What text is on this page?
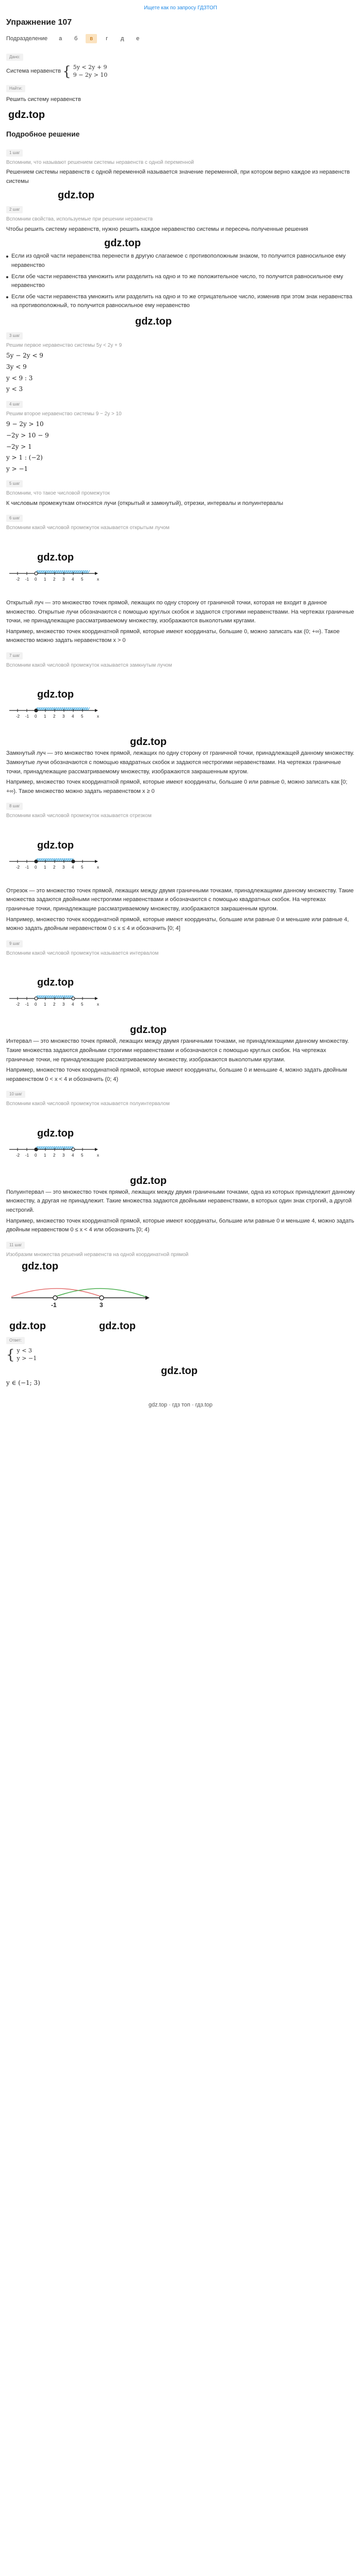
Ищете как по запросу ГДЗТОП
Упражнение 107
Подразделение	а	б	в	г	д	е
Дано:
Система неравенств { 5y < 2y + 9
9 − 2y > 10
Найти:
Решить систему неравенств
gdz.top
Подробное решение
1 шаг
Вспомним, что называют решением системы неравенств с одной переменной

Решением системы неравенств с одной переменной называется значение переменной, при котором верно каждое из неравенств системы

gdz.top
2 шаг
Вспомним свойства, используемые при решении неравенств

Чтобы решить систему неравенств, нужно решить каждое неравенство системы и пересечь полученные решения

gdz.top
Если из одной части неравенства перенести в другую слагаемое с противоположным знаком, то получится равносильное ему неравенство
Если обе части неравенства умножить или разделить на одно и то же положительное число, то получится равносильное ему неравенство
Если обе части неравенства умножить или разделить на одно и то же отрицательное число, изменив при этом знак неравенства на противоположный, то получится равносильное ему неравенство
gdz.top
3 шаг
Решим первое неравенство системы 5y < 2y + 9
5y − 2y < 9
3y < 9
y < 9 : 3
y < 3
4 шаг
Решим второе неравенство системы 9 − 2y > 10
9 − 2y > 10
−2y > 10 − 9
−2y > 1
y > 1 : (−2)
y > −1
5 шаг
Вспомним, что такое числовой промежуток

К числовым промежуткам относятся лучи (открытый и замкнутый), отрезки, интервалы и полуинтервалы

6 шаг
Вспомним какой числовой промежуток называется открытым лучом
gdz.top
x
-2 -1 0 1 2 3 4 5

Открытый луч — это множество точек прямой, лежащих по одну сторону от граничной точки, которая не входит в данное множество. Открытые лучи обозначаются с помощью круглых скобок и задаются строгими неравенствами. На чертежах граничные точки, не принадлежащие рассматриваемому множеству, изображаются выколотыми кругами.

Например, множество точек координатной прямой, которые имеют координаты, большие 0, можно записать как (0; +∞). Такое множество можно задать неравенством x > 0

7 шаг
Вспомним какой числовой промежуток называется замкнутым лучом
gdz.top
x
-2 -1 0 1 2 3 4 5
gdz.top

Замкнутый луч — это множество точек прямой, лежащих по одну сторону от граничной точки, принадлежащей данному множеству. Замкнутые лучи обозначаются с помощью квадратных скобок и задаются нестрогими неравенствами. На чертежах граничные точки, принадлежащие рассматриваемому множеству, изображаются закрашенным кругом.

Например, множество точек координатной прямой, которые имеют координаты, большие 0 или равные 0, можно записать как [0; +∞). Такое множество можно задать неравенством x ≥ 0

8 шаг
Вспомним какой числовой промежуток называется отрезком
gdz.top
x
-2 -1 0 1 2 3 4 5

Отрезок — это множество точек прямой, лежащих между двумя граничными точками, принадлежащими данному множеству. Такие множества задаются двойными нестрогими неравенствами и обозначаются с помощью квадратных скобок. На чертежах граничные точки, принадлежащие рассматриваемому множеству, изображаются закрашенным кругом.

Например, множество точек координатной прямой, которые имеют координаты, большие или равные 0 и меньшие или равные 4, можно задать двойным неравенством 0 ≤ x ≤ 4 и обозначить [0; 4]

9 шаг
Вспомним какой числовой промежуток называется интервалом
gdz.top
x
-2 -1 0 1 2 3 4 5
gdz.top

Интервал — это множество точек прямой, лежащих между двумя граничными точками, не принадлежащими данному множеству. Такие множества задаются двойными строгими неравенствами и обозначаются с помощью круглых скобок. На чертежах граничные точки, не принадлежащие рассматриваемому множеству, изображаются выколотыми кругами.

Например, множество точек координатной прямой, которые имеют координаты, большие 0 и меньшие 4, можно задать двойным неравенством 0 < x < 4 и обозначить (0; 4)

10 шаг
Вспомним какой числовой промежуток называется полуинтервалом
gdz.top
x
-2 -1 0 1 2 3 4 5
gdz.top

Полуинтервал — это множество точек прямой, лежащих между двумя граничными точками, одна из которых принадлежит данному множеству, а другая не принадлежит. Такие множества задаются двойными неравенствами, в которых один знак строгий, а другой нестрогий.

Например, множество точек координатной прямой, которые имеют координаты, большие или равные 0 и меньшие 4, можно задать двойным неравенством 0 ≤ x < 4 или обозначить [0; 4)

11 шаг
Изобразим множества решений неравенств на одной координатной прямой
gdz.top
-1	3
gdz.top	gdz.top
Ответ:
{ y < 3
y > −1
gdz.top
y ∈ (−1; 3)
gdz.top · гдз топ · гдз.top
